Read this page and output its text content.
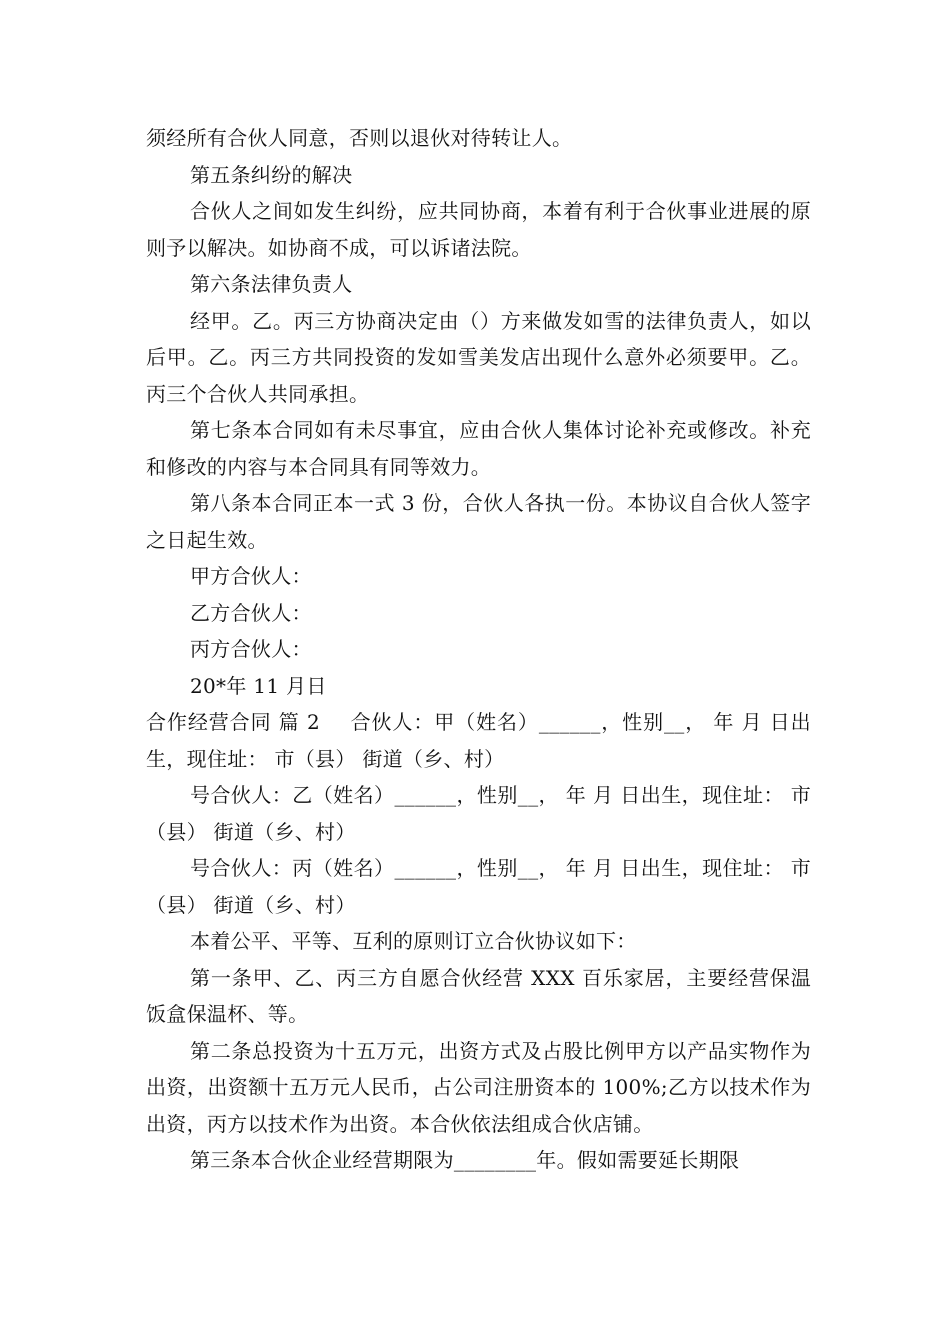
须经所有合伙人同意，否则以退伙对待转让人。

第五条纠纷的解决

合伙人之间如发生纠纷，应共同协商，本着有利于合伙事业进展的原则予以解决。如协商不成，可以诉诸法院。

第六条法律负责人

经甲。乙。丙三方协商决定由（）方来做发如雪的法律负责人，如以后甲。乙。丙三方共同投资的发如雪美发店出现什么意外必须要甲。乙。丙三个合伙人共同承担。

第七条本合同如有未尽事宜，应由合伙人集体讨论补充或修改。补充和修改的内容与本合同具有同等效力。

第八条本合同正本一式 3 份，合伙人各执一份。本协议自合伙人签字之日起生效。

甲方合伙人：

乙方合伙人：

丙方合伙人：

20*年 11 月日

合作经营合同 篇 2 合伙人：甲（姓名）______，性别__， 年 月 日出生，现住址： 市（县） 街道（乡、村）

号合伙人：乙（姓名）______，性别__， 年 月 日出生，现住址： 市（县） 街道（乡、村）

号合伙人：丙（姓名）______，性别__， 年 月 日出生，现住址： 市（县） 街道（乡、村）

本着公平、平等、互利的原则订立合伙协议如下：

第一条甲、乙、丙三方自愿合伙经营 XXX 百乐家居，主要经营保温饭盒保温杯、等。

第二条总投资为十五万元，出资方式及占股比例甲方以产品实物作为出资，出资额十五万元人民币，占公司注册资本的 100%;乙方以技术作为出资，丙方以技术作为出资。本合伙依法组成合伙店铺。

第三条本合伙企业经营期限为________年。假如需要延长期限
